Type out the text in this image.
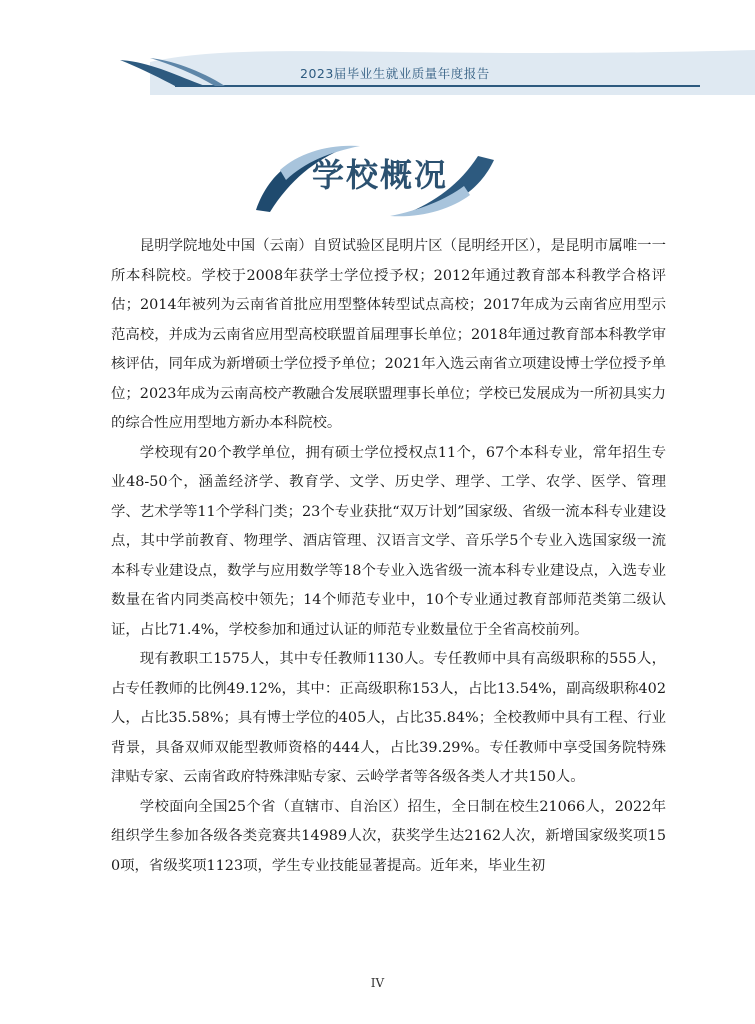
2023届毕业生就业质量年度报告
学校概况

昆明学院地处中国（云南）自贸试验区昆明片区（昆明经开区），是昆明市属唯一一所本科院校。学校于2008年获学士学位授予权；2012年通过教育部本科教学合格评估；2014年被列为云南省首批应用型整体转型试点高校；2017年成为云南省应用型示范高校，并成为云南省应用型高校联盟首届理事长单位；2018年通过教育部本科教学审核评估，同年成为新增硕士学位授予单位；2021年入选云南省立项建设博士学位授予单位；2023年成为云南高校产教融合发展联盟理事长单位；学校已发展成为一所初具实力的综合性应用型地方新办本科院校。

学校现有20个教学单位，拥有硕士学位授权点11个，67个本科专业，常年招生专业48-50个，涵盖经济学、教育学、文学、历史学、理学、工学、农学、医学、管理学、艺术学等11个学科门类；23个专业获批“双万计划”国家级、省级一流本科专业建设点，其中学前教育、物理学、酒店管理、汉语言文学、音乐学5个专业入选国家级一流本科专业建设点，数学与应用数学等18个专业入选省级一流本科专业建设点，入选专业数量在省内同类高校中领先；14个师范专业中，10个专业通过教育部师范类第二级认证，占比71.4%，学校参加和通过认证的师范专业数量位于全省高校前列。

现有教职工1575人，其中专任教师1130人。专任教师中具有高级职称的555人，占专任教师的比例49.12%，其中：正高级职称153人，占比13.54%，副高级职称402人，占比35.58%；具有博士学位的405人，占比35.84%；全校教师中具有工程、行业背景，具备双师双能型教师资格的444人，占比39.29%。专任教师中享受国务院特殊津贴专家、云南省政府特殊津贴专家、云岭学者等各级各类人才共150人。

学校面向全国25个省（直辖市、自治区）招生，全日制在校生21066人，2022年组织学生参加各级各类竞赛共14989人次，获奖学生达2162人次，新增国家级奖项150项，省级奖项1123项，学生专业技能显著提高。近年来，毕业生初

IV
